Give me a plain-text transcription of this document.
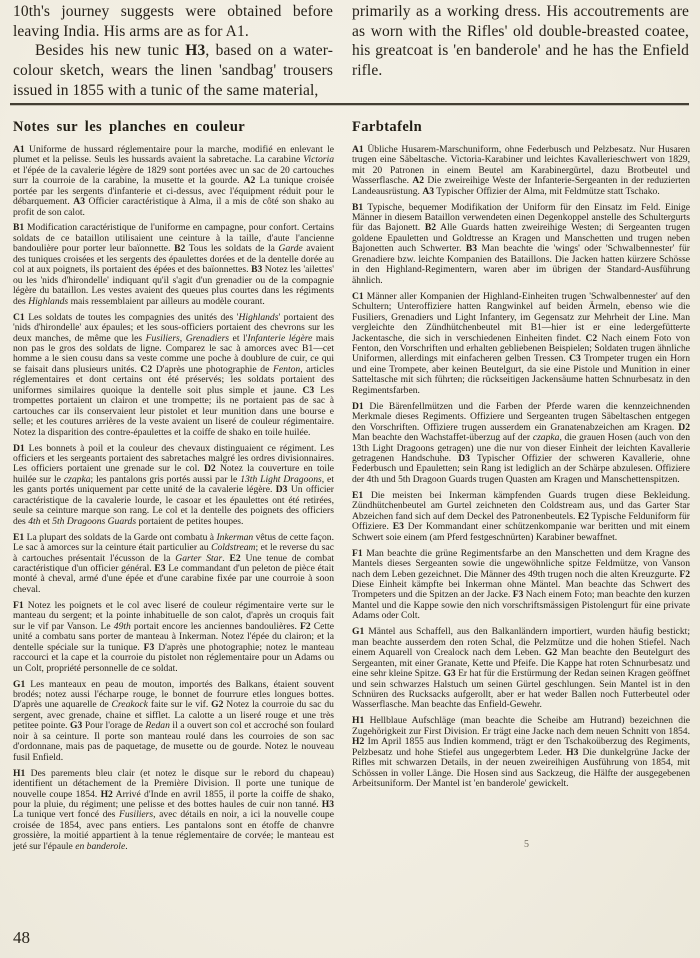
10th's journey suggests were obtained before leaving India. His arms are as for A1.

Besides his new tunic H3, based on a water-colour sketch, wears the linen 'sandbag' trousers issued in 1855 with a tunic of the same material,

primarily as a working dress. His accoutrements are as worn with the Rifles' old double-breasted coatee, his greatcoat is 'en banderole' and he has the Enfield rifle.

Notes sur les planches en couleur

A1 Uniforme de hussard réglementaire pour la marche, modifié en enlevant le plumet et la pelisse. Seuls les hussards avaient la sabretache. La carabine Victoria et l'épée de la cavalerie légère de 1829 sont portées avec un sac de 20 cartouches surr la courroie de la carabine, la musette et la gourde. A2 La tunique croisée portée par les sergents d'infanterie et ci-dessus, avec l'équipment réduit pour le débarquement. A3 Officier caractéristique à Alma, il a mis de côté son shako au profit de son calot.

B1 Modification caractéristique de l'uniforme en campagne, pour confort. Certains soldats de ce bataillon utilisaient une ceinture à la taille, d'aute l'ancienne bandoulière pour porter leur baïonnette. B2 Tous les soldats de la Garde avaient des tuniques croisées et les sergents des épaulettes dorées et de la dentelle dorée au col at aux poignets, ils portaient des épées et des baïonnettes. B3 Notez les 'ailettes' ou les 'nids d'hirondelle' indiquant qu'il s'agit d'un grenadier ou de la compagnie légère du bataillon. Les vestes avaient des queues plus courtes dans les régiments des Highlands mais ressemblaient par ailleurs au modèle courant.

C1 Les soldats de toutes les compagnies des unités des 'Highlands' portaient des 'nids d'hirondelle' aux épaules; et les sous-officiers portaient des chevrons sur les deux manches, de même que les Fusiliers, Grenadiers et l'Infanterie légère mais non pas le gros des soldats de ligne. Comparez le sac à amorces avec B1—cet homme a le sien cousu dans sa veste comme une poche à doublure de cuir, ce qui se faisait dans plusieurs unités. C2 D'après une photographie de Fenton, articles réglementaires et dont certains ont été préservés; les soldats portaient des uniformes similaires quoique la dentelle soit plus simple et jaune. C3 Les trompettes portaient un clairon et une trompette; ils ne portaient pas de sac à cartouches car ils conservaient leur pistolet et leur munition dans une bourse e selle; et les coutures arrières de la veste avaient un liseré de couleur régimentaire. Notez la disparition des contre-épaulettes et la coiffe de shako en toile huilée.

D1 Les bonnets à poil et la couleur des chevaux distinguaient ce régiment. Les officiers et les sergeants portaient des sabretaches malgré les ordres divisionnaires. Les officiers portaient une grenade sur le col. D2 Notez la couverture en toile huilée sur le czapka; les pantalons gris portés aussi par le 13th Light Dragoons, et les gants portés uniquement par cette unité de la cavalerie légère. D3 Un officier caractéristique de la cavalerie lourde, le casoar et les épaulettes ont été retirées, seule sa ceinture marque son rang. Le col et la dentelle des poignets des officiers des 4th et 5th Dragoons Guards portaient de petites houpes.

E1 La plupart des soldats de la Garde ont combatu à Inkerman vêtus de cette façon. Le sac à amorces sur la ceinture était particulier au Coldstream; et le reverse du sac à cartouches présentait l'écusson de la Garter Star. E2 Une tenue de combat caractéristique d'un officier général. E3 Le commandant d'un peleton de pièce était monté à cheval, armé d'une épée et d'une carabine fixée par une courroie à soon cheval.

F1 Notez les poignets et le col avec liseré de couleur régimentaire verte sur le manteau du sergent; et la pointe inhabituelle de son calot, d'après un croquis fait sur le vif par Vanson. Le 49th portait encore les anciennes bandoulières. F2 Cette unité a combatu sans porter de manteau à Inkerman. Notez l'épée du clairon; et la dentelle spéciale sur la tunique. F3 D'après une photographie; notez le manteau raccourci et la cape et la courroie du pistolet non réglementaire pour un Adams ou un Colt, propriété personnelle de ce soldat.

G1 Les manteaux en peau de mouton, importés des Balkans, étaient souvent brodés; notez aussi l'écharpe rouge, le bonnet de fourrure etles longues bottes. D'après une aquarelle de Creakock faite sur le vif. G2 Notez la courroie du sac du sergent, avec grenade, chaine et sifflet. La calotte a un liseré rouge et une très petitee pointe. G3 Pour l'orage de Redan il a ouvert son col et accroché son foulard noir à sa ceinture. Il porte son manteau roulé dans les courroies de son sac d'ordonnane, mais pas de paquetage, de musette ou de gourde. Notez le nouveau fusil Enfield.

H1 Des parements bleu clair (et notez le disque sur le rebord du chapeau) identifient un détachement de la Première Division. Il porte une tunique de nouvelle coupe 1854. H2 Arrivé d'Inde en avril 1855, il porte la coiffe de shako, pour la pluie, du régiment; une pelisse et des bottes haules de cuir non tanné. H3 La tunique vert foncé des Fusiliers, avec détails en noir, a ici la nouvelle coupe croisée de 1854, avec pans entiers. Les pantalons sont en étoffe de chanvre grossière, la moitié appartient à la tenue réglementaire de corvée; le manteau est jeté sur l'épaule en banderole.

Farbtafeln

A1 Übliche Husarem-Marschuniform, ohne Federbusch und Pelzbesatz. Nur Husaren trugen eine Säbeltasche. Victoria-Karabiner und leichtes Kavallerieschwert von 1829, mit 20 Patronen in einem Beutel am Karabinergürtel, dazu Brotbeutel und Wasserflasche. A2 Die zweireihige Weste der Infanterie-Sergeanten in der reduzierten Landeausrüstung. A3 Typischer Offizier der Alma, mit Feldmütze statt Tschako.

B1 Typische, bequemer Modifikation der Uniform für den Einsatz im Feld. Einige Männer in diesem Bataillon verwendeten einen Degenkoppel anstelle des Schultergurts für das Bajonett. B2 Alle Guards hatten zweireihige Westen; di Sergeanten trugen goldene Epauletten und Goldtresse an Kragen und Manschetten und trugen neben Bajonetten auch Schwerter. B3 Man beachte die 'wings' oder 'Schwalbennester' für Grenadiere bzw. leichte Kompanien des Bataillons. Die Jacken hatten kürzere Schösse in den Highland-Regimentern, waren aber im übrigen der Standard-Ausführung ähnlich.

C1 Männer aller Kompanien der Highland-Einheiten trugen 'Schwalbennester' auf den Schultern; Unteroffiziere hatten Rangwinkel auf beiden Ärmeln, ebenso wie die Fusiliers, Grenadiers und Light Infantery, im Gegensatz zur Mehrheit der Line. Man vergleichte den Zündhütchenbeutel mit B1—hier ist er eine ledergefütterte Jackentasche, die sich in verschiedenen Einheiten findet. C2 Nach einem Foto von Fenton, den Vorschriften und erhalten gebliebenen Beispielen; Soldaten trugen ähnliche Uniformen, allerdings mit einfacheren gelben Tressen. C3 Trompeter trugen ein Horn und eine Trompete, aber keinen Beutelgurt, da sie eine Pistole und Munition in einer Satteltasche mit sich führten; die rückseitigen Jackensäume hatten Schnurbesatz in den Regimentsfarben.

D1 Die Bärenfellmützen und die Farben der Pferde waren die kennzeichnenden Merkmale dieses Regiments. Offiziere und Sergeanten trugen Säbeltaschen entgegen den Vorschriften. Offiziere trugen ausserdem ein Granatenabzeichen am Kragen. D2 Man beachte den Wachstaffet-überzug auf der czapka, die grauen Hosen (auch von den 13th Light Dragoons getragen) une die nur von dieser Einheit der leichten Kavallerie getragenen Handschuhe. D3 Typischer Offizier der schweren Kavallerie, ohne Federbusch und Epauletten; sein Rang ist lediglich an der Schärpe abzulesen. Offiziere der 4th und 5th Dragoon Guards trugen Quasten am Kragen und Manschettenspitzen.

E1 Die meisten bei Inkerman kämpfenden Guards trugen diese Bekleidung. Zündhütchenbeutel am Gurtel zeichneten den Coldstream aus, und das Garter Star Abzeichen fand sich auf dem Deckel des Patronenbeutels. E2 Typische Felduniform für Offiziere. E3 Der Kommandant einer schützenkompanie war beritten und mit einem Schwert soie einem (am Pferd festgeschnürten) Karabiner bewaffnet.

F1 Man beachte die grüne Regimentsfarbe an den Manschetten und dem Kragne des Mantels dieses Sergeanten sowie die ungewöhnliche spitze Feldmütze, von Vanson nach dem Leben gezeichnet. Die Männer des 49th trugen noch die alten Kreuzgurte. F2 Diese Einheit kämpfte bei Inkerman ohne Mäntel. Man beachte das Schwert des Trompeters und die Spitzen an der Jacke. F3 Nach einem Foto; man beachte den kurzen Mantel und die Kappe sowie den nich vorschriftsmässigen Pistolengurt für eine private Adams oder Colt.

G1 Mäntel aus Schaffell, aus den Balkanländern importiert, wurden häufig bestickt; man beachte ausserdem den roten Schal, die Pelzmütze und die hohen Stiefel. Nach einem Aquarell von Crealock nach dem Leben. G2 Man beachte den Beutelgurt des Sergeanten, mit einer Granate, Kette und Pfeife. Die Kappe hat roten Schnurbesatz und eine sehr kleine Spitze. G3 Er hat für die Erstürmung der Redan seinen Kragen geöffnet und sein schwarzes Halstuch um seinen Gürtel geschlungen. Sein Mantel ist in den Schnüren des Rucksacks aufgerollt, aber er hat weder Ballen noch Futterbeutel oder Wasserflasche. Man beachte das Enfield-Gewehr.

H1 Hellblaue Aufschläge (man beachte die Scheibe am Hutrand) bezeichnen die Zugehörigkeit zur First Division. Er trägt eine Jacke nach dem neuen Schnitt von 1854. H2 Im April 1855 aus Indien kommend, trägt er den Tschakoüberzug des Regiments, Pelzbesatz und hohe Stiefel aus ungegerbtem Leder. H3 Die dunkelgrüne Jacke der Rifles mit schwarzen Details, in der neuen zweireihigen Ausführung von 1854, mit Schössen in voller Länge. Die Hosen sind aus Sackzeug, die Hälfte der ausgegebenen Arbeitsuniform. Der Mantel ist 'en banderole' gewickelt.

5
48
